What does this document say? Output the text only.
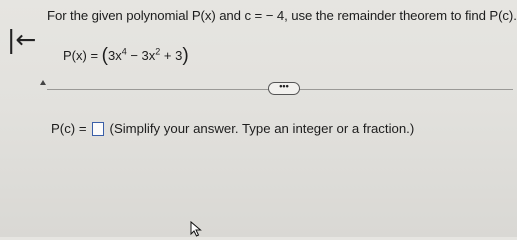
|←
For the given polynomial P(x) and c = − 4, use the remainder theorem to find P(c).
$P(x) = (3x^4 - 3x^2 + 3)$
•••
P(c) = (Simplify your answer. Type an integer or a fraction.)
